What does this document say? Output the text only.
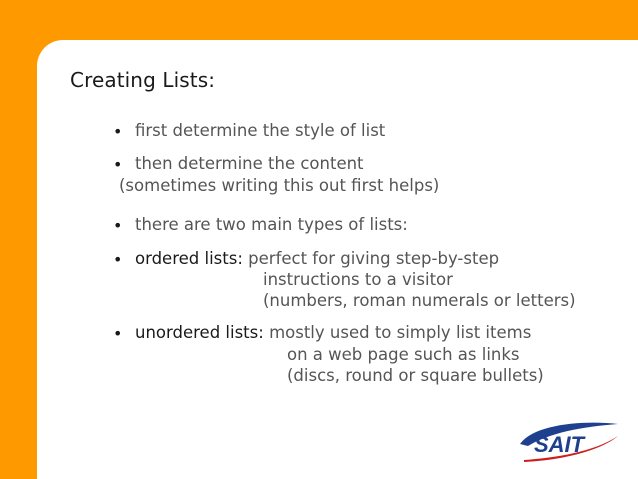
Creating Lists:
• first determine the style of list
• then determine the content
(sometimes writing this out first helps)
• there are two main types of lists:
• ordered lists: perfect for giving step-by-step
instructions to a visitor
(numbers, roman numerals or letters)
• unordered lists: mostly used to simply list items
on a web page such as links
(discs, round or square bullets)
SAIT
